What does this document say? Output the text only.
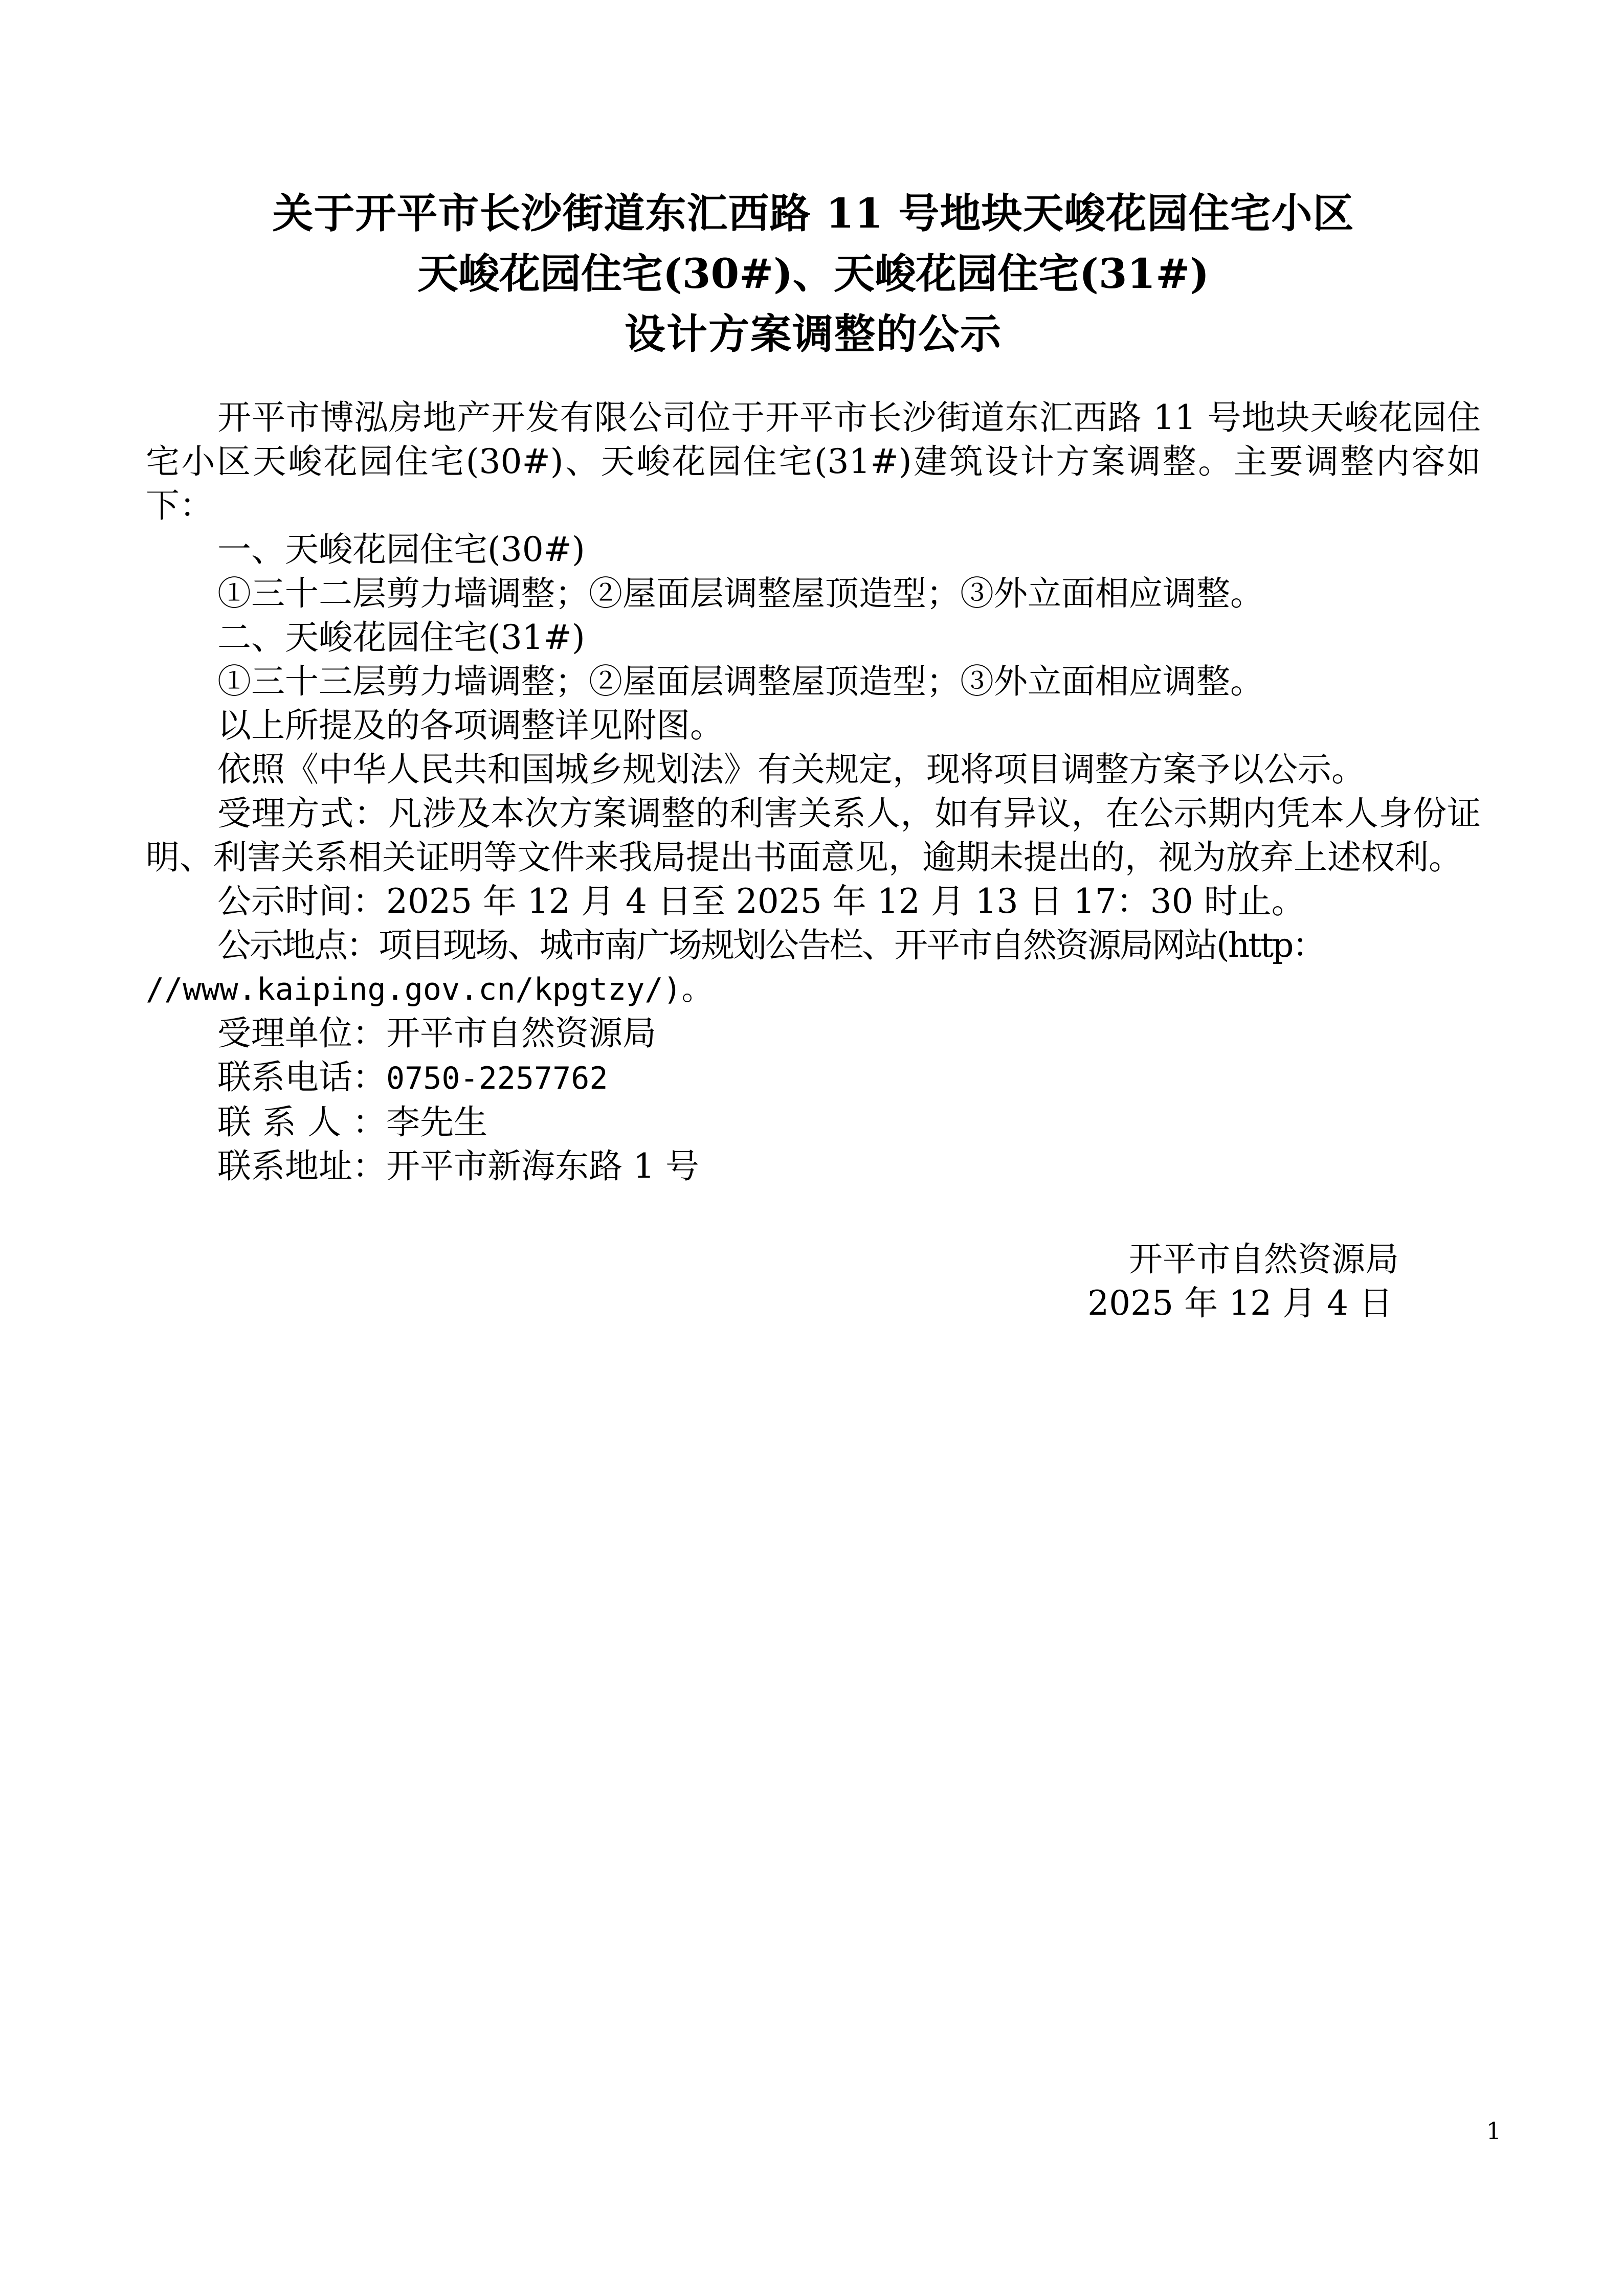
关于开平市长沙街道东汇西路 11 号地块天峻花园住宅小区
天峻花园住宅(30#)、天峻花园住宅(31#)
设计方案调整的公示

开平市博泓房地产开发有限公司位于开平市长沙街道东汇西路 11 号地块天峻花园住宅小区天峻花园住宅(30#)、天峻花园住宅(31#)建筑设计方案调整。主要调整内容如下：

一、天峻花园住宅(30#)

①三十二层剪力墙调整；②屋面层调整屋顶造型；③外立面相应调整。

二、天峻花园住宅(31#)

①三十三层剪力墙调整；②屋面层调整屋顶造型；③外立面相应调整。

以上所提及的各项调整详见附图。

依照《中华人民共和国城乡规划法》有关规定，现将项目调整方案予以公示。

受理方式：凡涉及本次方案调整的利害关系人，如有异议，在公示期内凭本人身份证明、利害关系相关证明等文件来我局提出书面意见，逾期未提出的，视为放弃上述权利。

公示时间：2025 年 12 月 4 日至 2025 年 12 月 13 日 17：30 时止。

公示地点：项目现场、城市南广场规划公告栏、开平市自然资源局网站(http：

//www.kaiping.gov.cn/kpgtzy/)。

受理单位：开平市自然资源局

联系电话：0750-2257762

联系人：李先生

联系地址：开平市新海东路 1 号

开平市自然资源局
2025 年 12 月 4 日
1
